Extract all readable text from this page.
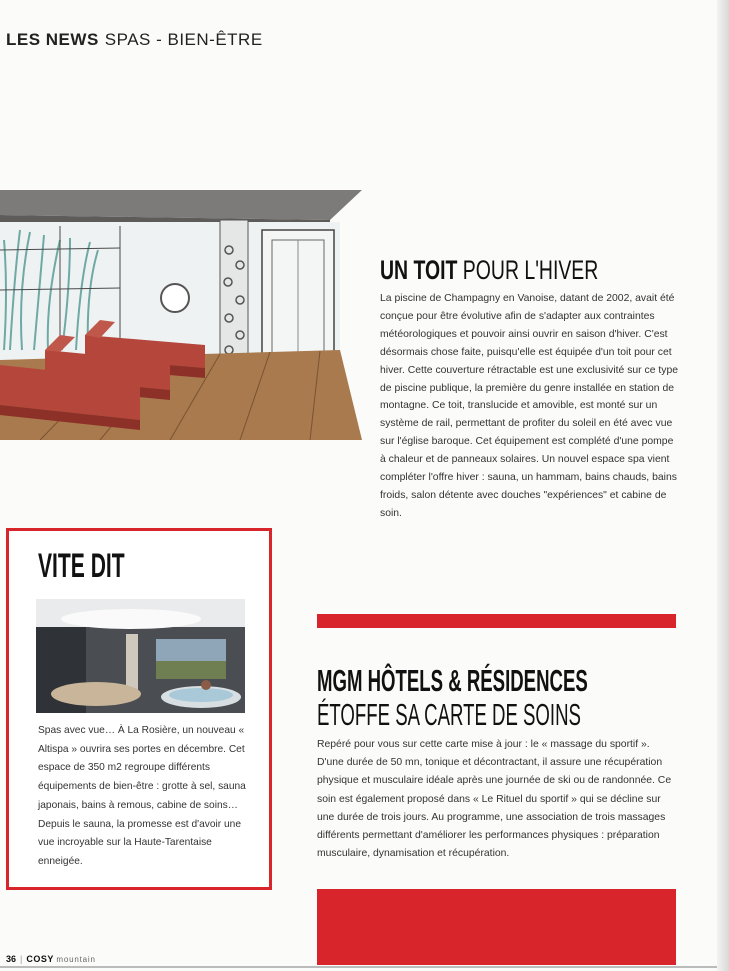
LES NEWS SPAS - BIEN-ÊTRE
UN TOIT POUR L'HIVER
La piscine de Champagny en Vanoise, datant de 2002, avait été conçue pour être évolutive afin de s'adapter aux contraintes météorologiques et pouvoir ainsi ouvrir en saison d'hiver. C'est désormais chose faite, puisqu'elle est équipée d'un toit pour cet hiver. Cette couverture rétractable est une exclusivité sur ce type de piscine publique, la première du genre installée en station de montagne. Ce toit, translucide et amovible, est monté sur un système de rail, permettant de profiter du soleil en été avec vue sur l'église baroque. Cet équipement est complété d'une pompe à chaleur et de panneaux solaires. Un nouvel espace spa vient compléter l'offre hiver : sauna, un hammam, bains chauds, bains froids, salon détente avec douches "expériences" et cabine de soin.
VITE DIT
Spas avec vue… À La Rosière, un nouveau « Altispa » ouvrira ses portes en décembre. Cet espace de 350 m2 regroupe différents équipements de bien-être : grotte à sel, sauna japonais, bains à remous, cabine de soins… Depuis le sauna, la promesse est d'avoir une vue incroyable sur la Haute-Tarentaise enneigée.
MGM HÔTELS & RÉSIDENCES
ÉTOFFE SA CARTE DE SOINS
Repéré pour vous sur cette carte mise à jour : le « massage du sportif ». D'une durée de 50 mn, tonique et décontractant, il assure une récupération physique et musculaire idéale après une journée de ski ou de randonnée. Ce soin est également proposé dans « Le Rituel du sportif » qui se décline sur une durée de trois jours. Au programme, une association de trois massages différents permettant d'améliorer les performances physiques : préparation musculaire, dynamisation et récupération.
36 | COSY mountain
